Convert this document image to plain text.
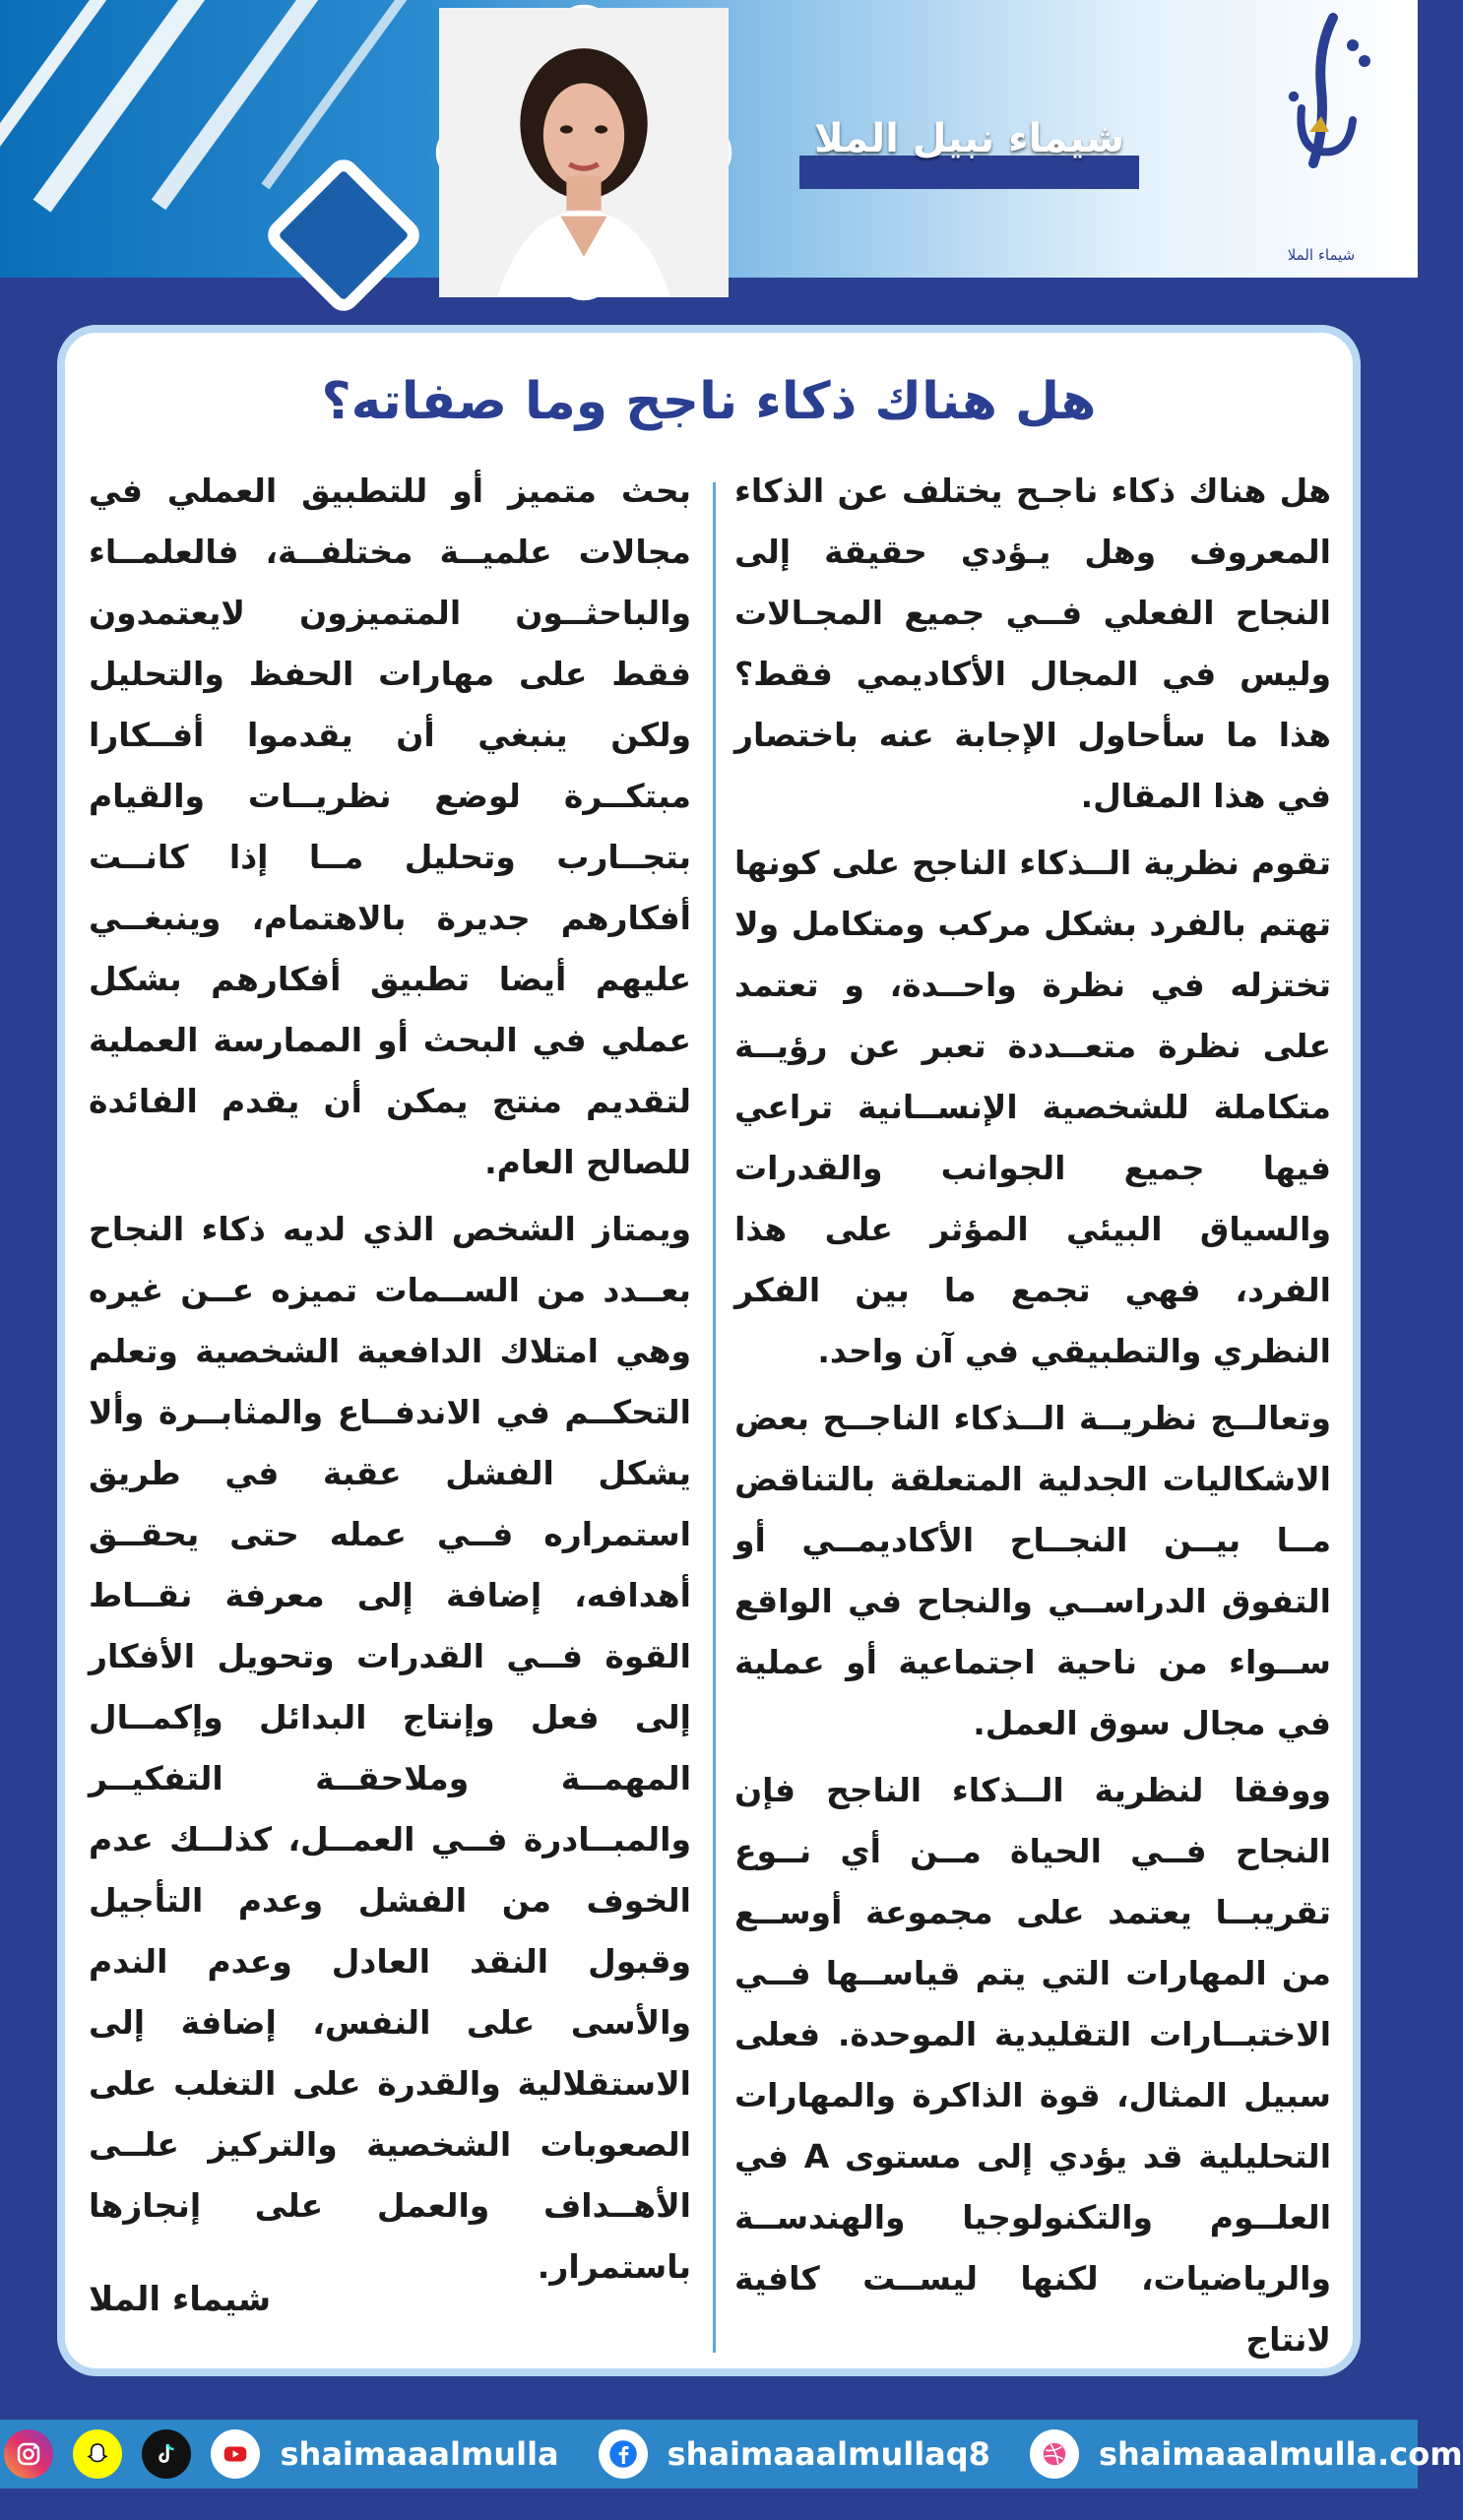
شيماء نبيل الملا
شيماء الملا
هل هناك ذكاء ناجح وما صفاته؟

هل هناك ذكاء ناجـح يختلف عن الذكاء المعروف وهل يـؤدي حقيقة إلى النجاح الفعلي فــي جميع المجـالات وليس في المجال الأكاديمي فقط؟ هذا ما سأحاول الإجابة عنه باختصار في هذا المقال.

تقوم نظرية الــذكاء الناجح على كونها تهتم بالفرد بشكل مركب ومتكامل ولا تختزله في نظرة واحــدة، و تعتمد على نظرة متعــددة تعبر عن رؤيــة متكاملة للشخصية الإنســانية تراعي فيها جميع الجوانب والقدرات والسياق البيئي المؤثر على هذا الفرد، فهي تجمع ما بين الفكر النظري والتطبيقي في آن واحد.

وتعالــج نظريــة الــذكاء الناجــح بعض الاشكاليات الجدلية المتعلقة بالتناقض مــا بيــن النجــاح الأكاديمــي أو التفوق الدراســي والنجاح في الواقع ســواء من ناحية اجتماعية أو عملية في مجال سوق العمل.

ووفقا لنظرية الــذكاء الناجح فإن النجاح فــي الحياة مــن أي نــوع تقريبــا يعتمد على مجموعة أوســع من المهارات التي يتم قياســها فــي الاختبــارات التقليدية الموحدة. فعلى سبيل المثال، قوة الذاكرة والمهارات التحليلية قد يؤدي إلى مستوى A في العلــوم والتكنولوجيا والهندســة والرياضيات، لكنها ليســت كافية لانتاج

بحث متميز أو للتطبيق العملي في مجالات علميــة مختلفــة، فالعلمــاء والباحثــون المتميزون لايعتمدون فقط على مهارات الحفظ والتحليل ولكن ينبغي أن يقدموا أفــكارا مبتكــرة لوضع نظريــات والقيام بتجــارب وتحليل مــا إذا كانــت أفكارهم جديرة بالاهتمام، وينبغــي عليهم أيضا تطبيق أفكارهم بشكل عملي في البحث أو الممارسة العملية لتقديم منتج يمكن أن يقدم الفائدة للصالح العام.

ويمتاز الشخص الذي لديه ذكاء النجاح بعــدد من الســمات تميزه عــن غيره وهي امتلاك الدافعية الشخصية وتعلم التحكــم في الاندفــاع والمثابــرة وألا يشكل الفشل عقبة في طريق استمراره فــي عمله حتى يحقــق أهدافه، إضافة إلى معرفة نقــاط القوة فــي القدرات وتحويل الأفكار إلى فعل وإنتاج البدائل وإكمــال المهمــة وملاحقــة التفكيــر والمبــادرة فــي العمــل، كذلــك عدم الخوف من الفشل وعدم التأجيل وقبول النقد العادل وعدم الندم والأسى على النفس، إضافة إلى الاستقلالية والقدرة على التغلب على الصعوبات الشخصية والتركيز علــى الأهــداف والعمل على إنجازها باستمرار.

شيماء الملا
shaimaaalmulla	shaimaaalmullaq8	shaimaaalmulla.com
